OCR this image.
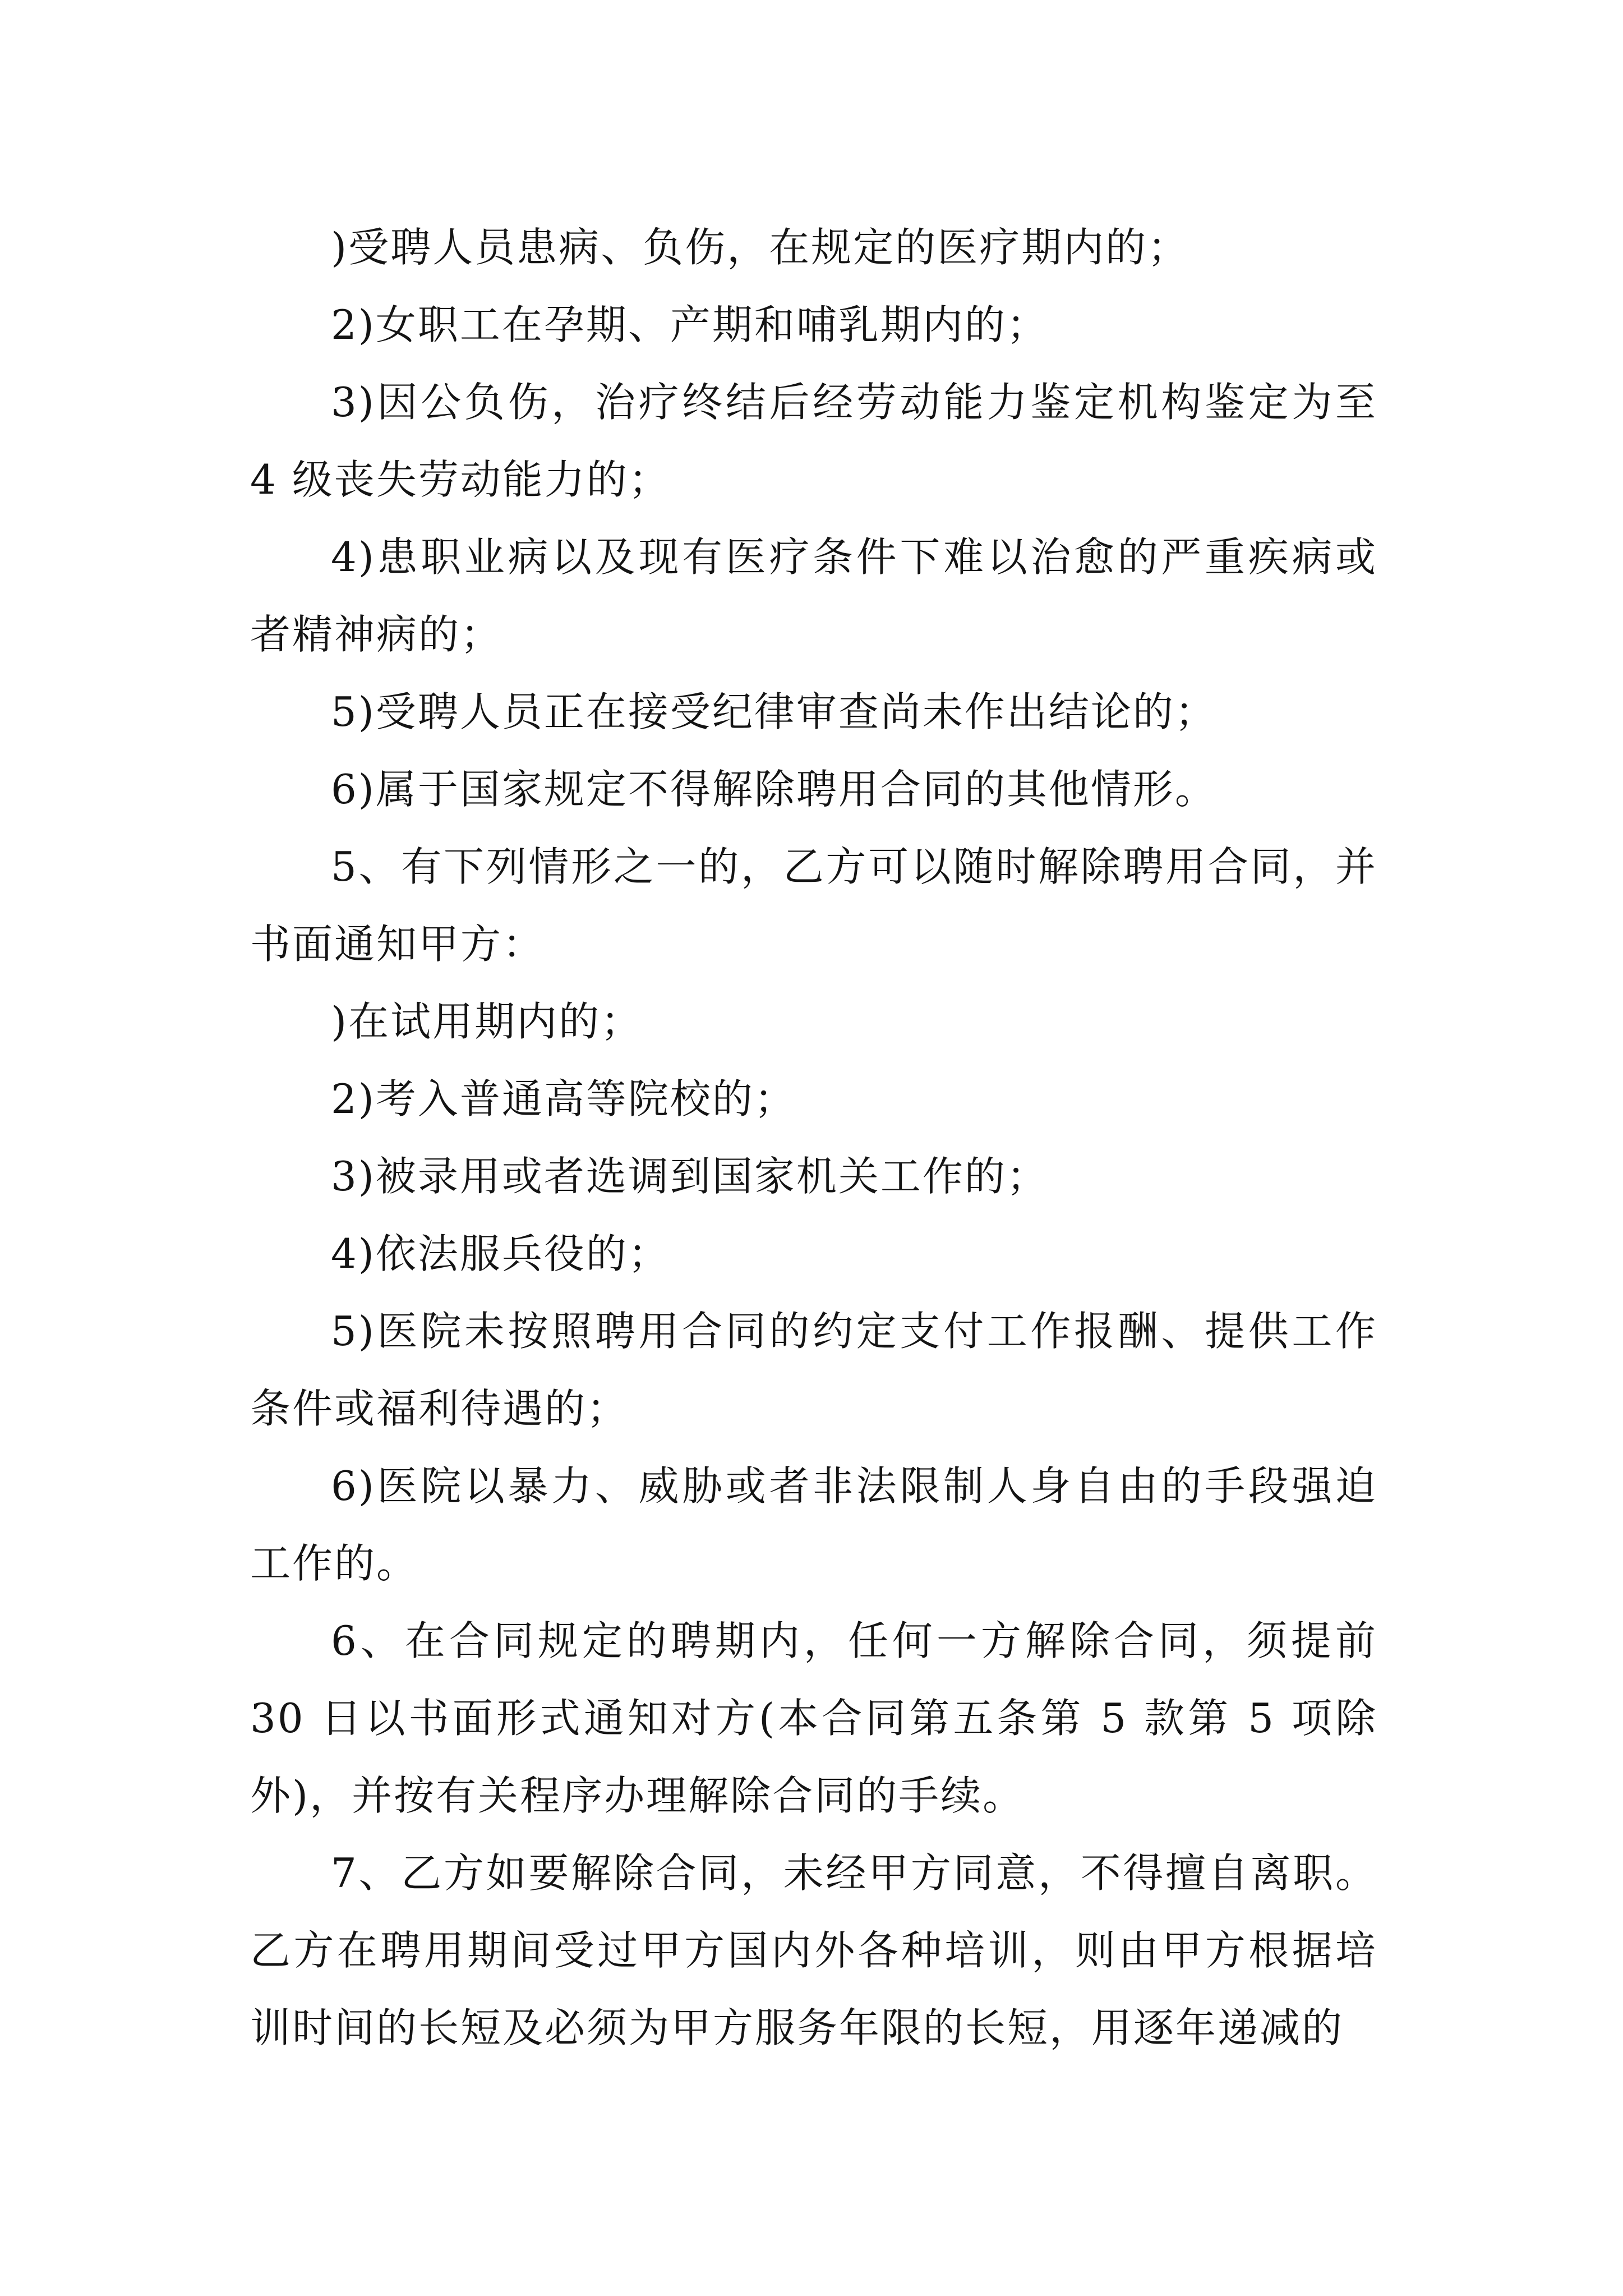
)受聘人员患病、负伤，在规定的医疗期内的；

2)女职工在孕期、产期和哺乳期内的；

3)因公负伤，治疗终结后经劳动能力鉴定机构鉴定为至 4 级丧失劳动能力的；

4)患职业病以及现有医疗条件下难以治愈的严重疾病或者精神病的；

5)受聘人员正在接受纪律审查尚未作出结论的；

6)属于国家规定不得解除聘用合同的其他情形。

5、有下列情形之一的，乙方可以随时解除聘用合同，并书面通知甲方：

)在试用期内的；

2)考入普通高等院校的；

3)被录用或者选调到国家机关工作的；

4)依法服兵役的；

5)医院未按照聘用合同的约定支付工作报酬、提供工作条件或福利待遇的；

6)医院以暴力、威胁或者非法限制人身自由的手段强迫工作的。

6、在合同规定的聘期内，任何一方解除合同，须提前 30 日以书面形式通知对方(本合同第五条第 5 款第 5 项除外)，并按有关程序办理解除合同的手续。

7、乙方如要解除合同，未经甲方同意，不得擅自离职。乙方在聘用期间受过甲方国内外各种培训，则由甲方根据培训时间的长短及必须为甲方服务年限的长短，用逐年递减的
